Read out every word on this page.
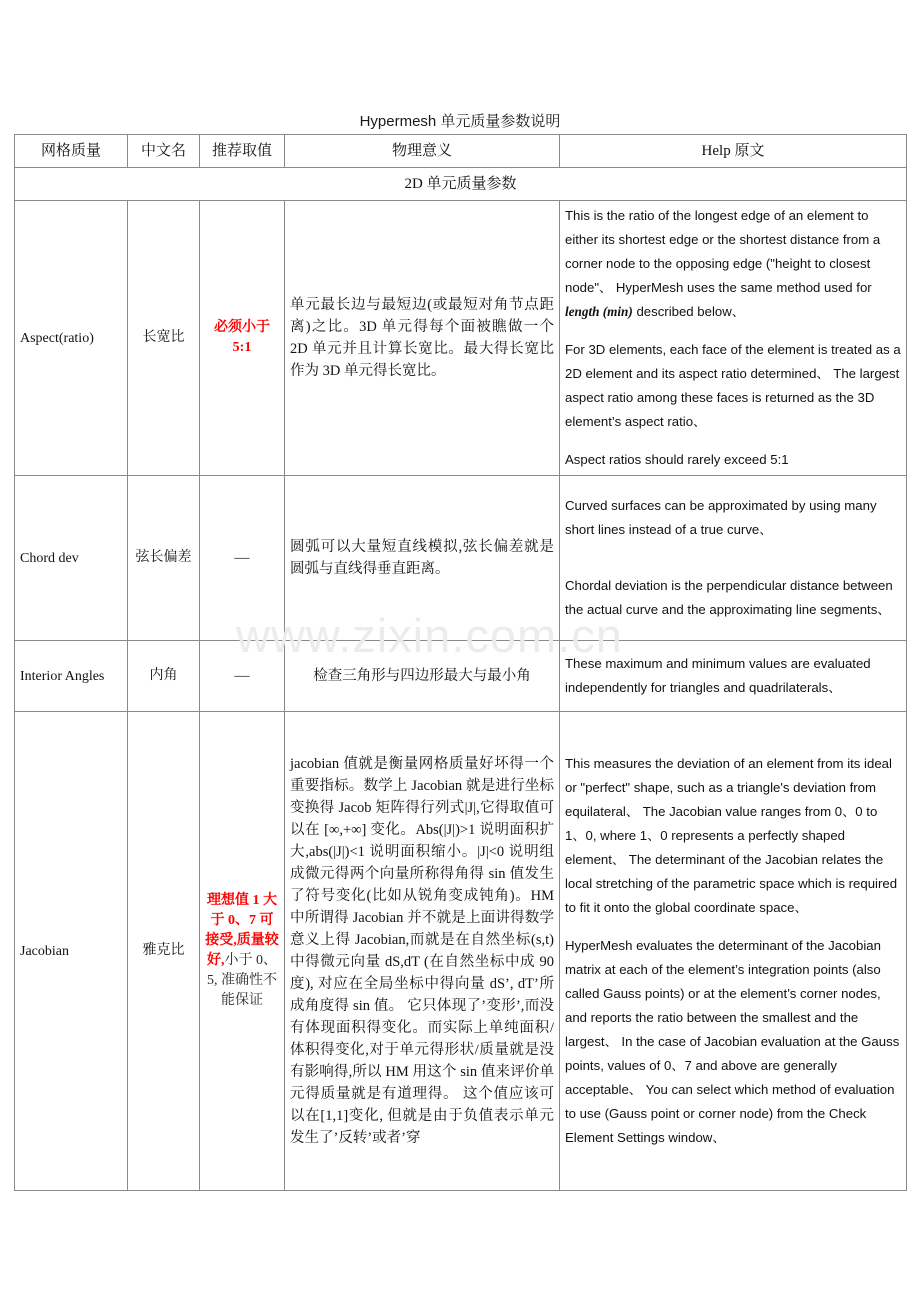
www.zixin.com.cn
Hypermesh 单元质量参数说明
网格质量	中文名	推荐取值	物理意义	Help 原文
2D 单元质量参数				
Aspect(ratio)	长宽比	必须小于 5:1	单元最长边与最短边(或最短对角节点距离)之比。3D 单元得每个面被瞧做一个 2D 单元并且计算长宽比。最大得长宽比作为 3D 单元得长宽比。	This is the ratio of the longest edge of an element to either its shortest edge or the shortest distance from a corner node to the opposing edge ("height to closest node"、 HyperMesh uses the same method used for length (min) described below、

For 3D elements, each face of the element is treated as a 2D element and its aspect ratio determined、 The largest aspect ratio among these faces is returned as the 3D element’s aspect ratio、

Aspect ratios should rarely exceed 5:1

Chord dev	弦长偏差	—	圆弧可以大量短直线模拟,弦长偏差就是圆弧与直线得垂直距离。	Curved surfaces can be approximated by using many short lines instead of a true curve、

Chordal deviation is the perpendicular distance between the actual curve and the approximating line segments、

Interior Angles	内角	—	检查三角形与四边形最大与最小角	These maximum and minimum values are evaluated independently for triangles and quadrilaterals、

Jacobian	雅克比	理想值 1 大于 0、7 可接受,质量较好,小于 0、5, 准确性不能保证	jacobian 值就是衡量网格质量好坏得一个重要指标。数学上 Jacobian 就是进行坐标变换得 Jacob 矩阵得行列式|J|,它得取值可以在 [∞,+∞] 变化。Abs(|J|)>1 说明面积扩大,abs(|J|)<1 说明面积缩小。|J|<0 说明组成微元得两个向量所称得角得 sin 值发生了符号变化(比如从锐角变成钝角)。HM 中所谓得 Jacobian 并不就是上面讲得数学意义上得 Jacobian,而就是在自然坐标(s,t)中得微元向量 dS,dT (在自然坐标中成 90 度), 对应在全局坐标中得向量 dS’, dT’所成角度得 sin 值。 它只体现了’变形’,而没有体现面积得变化。而实际上单纯面积/体积得变化,对于单元得形状/质量就是没有影响得,所以 HM 用这个 sin 值来评价单元得质量就是有道理得。 这个值应该可以在[1,1]变化, 但就是由于负值表示单元发生了’反转’或者’穿	

This measures the deviation of an element from its ideal or "perfect" shape, such as a triangle's deviation from equilateral、 The Jacobian value ranges from 0、0 to 1、0, where 1、0 represents a perfectly shaped element、 The determinant of the Jacobian relates the local stretching of the parametric space which is required to fit it onto the global coordinate space、

HyperMesh evaluates the determinant of the Jacobian matrix at each of the element’s integration points (also called Gauss points) or at the element’s corner nodes, and reports the ratio between the smallest and the largest、 In the case of Jacobian evaluation at the Gauss points, values of 0、7 and above are generally acceptable、 You can select which method of evaluation to use (Gauss point or corner node) from the Check Element Settings window、
